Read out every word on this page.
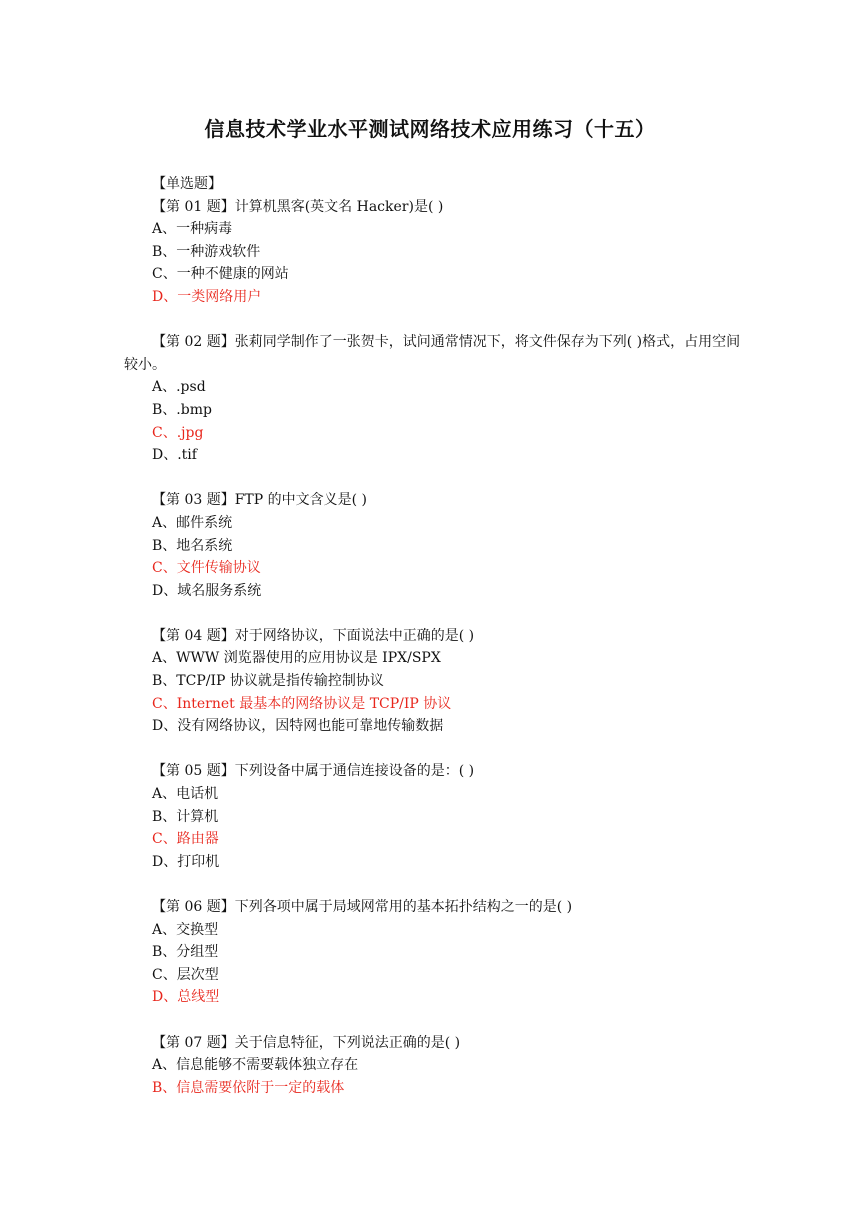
信息技术学业水平测试网络技术应用练习（十五）
【单选题】
【第 01 题】计算机黑客(英文名 Hacker)是( )
A、一种病毒
B、一种游戏软件
C、一种不健康的网站
D、一类网络用户
【第 02 题】张莉同学制作了一张贺卡，试问通常情况下，将文件保存为下列( )格式，占用空间较小。
A、.psd
B、.bmp
C、.jpg
D、.tif
【第 03 题】FTP 的中文含义是( )
A、邮件系统
B、地名系统
C、文件传输协议
D、域名服务系统
【第 04 题】对于网络协议，下面说法中正确的是( )
A、WWW 浏览器使用的应用协议是 IPX/SPX
B、TCP/IP 协议就是指传输控制协议
C、Internet 最基本的网络协议是 TCP/IP 协议
D、没有网络协议，因特网也能可靠地传输数据
【第 05 题】下列设备中属于通信连接设备的是：( )
A、电话机
B、计算机
C、路由器
D、打印机
【第 06 题】下列各项中属于局域网常用的基本拓扑结构之一的是( )
A、交换型
B、分组型
C、层次型
D、总线型
【第 07 题】关于信息特征，下列说法正确的是( )
A、信息能够不需要载体独立存在
B、信息需要依附于一定的载体
